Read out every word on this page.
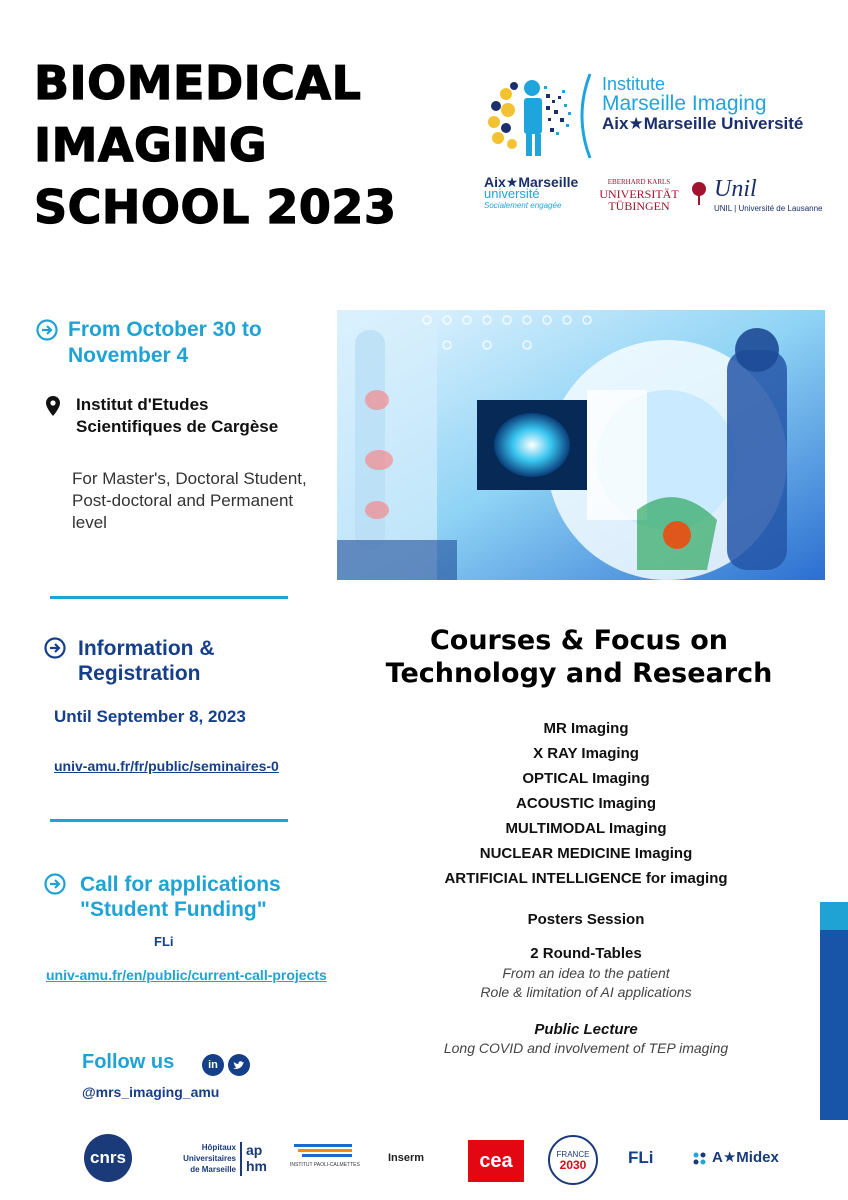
BIOMEDICAL
IMAGING
SCHOOL 2023
Institute
Marseille Imaging
Aix★Marseille Université
Aix★Marseille
université
Socialement engagée
EBERHARD KARLS
UNIVERSITÄT
TÜBINGEN
Unil
UNIL | Université de Lausanne
From October 30 to
November 4
Institut d'Etudes
Scientifiques de Cargèse
For Master's, Doctoral Student, Post-doctoral and Permanent level
Information &
Registration
Until September 8, 2023
univ-amu.fr/fr/public/seminaires-0
Call for applications
"Student Funding"
FLi
univ-amu.fr/en/public/current-call-projects
Follow us	in
@mrs_imaging_amu
Courses & Focus on
Technology and Research
MR Imaging
X RAY Imaging
OPTICAL Imaging
ACOUSTIC Imaging
MULTIMODAL Imaging
NUCLEAR MEDICINE Imaging
ARTIFICIAL INTELLIGENCE for imaging
Posters Session
2 Round-Tables
From an idea to the patient
Role & limitation of AI applications
Public Lecture
Long COVID and involvement of TEP imaging
cnrs
Hôpitaux
Universitaires
de Marseille
ap
hm	INSTITUT PAOLI-CALMETTES
Inserm	cea	FRANCE
2030	FLi	A★Midex
